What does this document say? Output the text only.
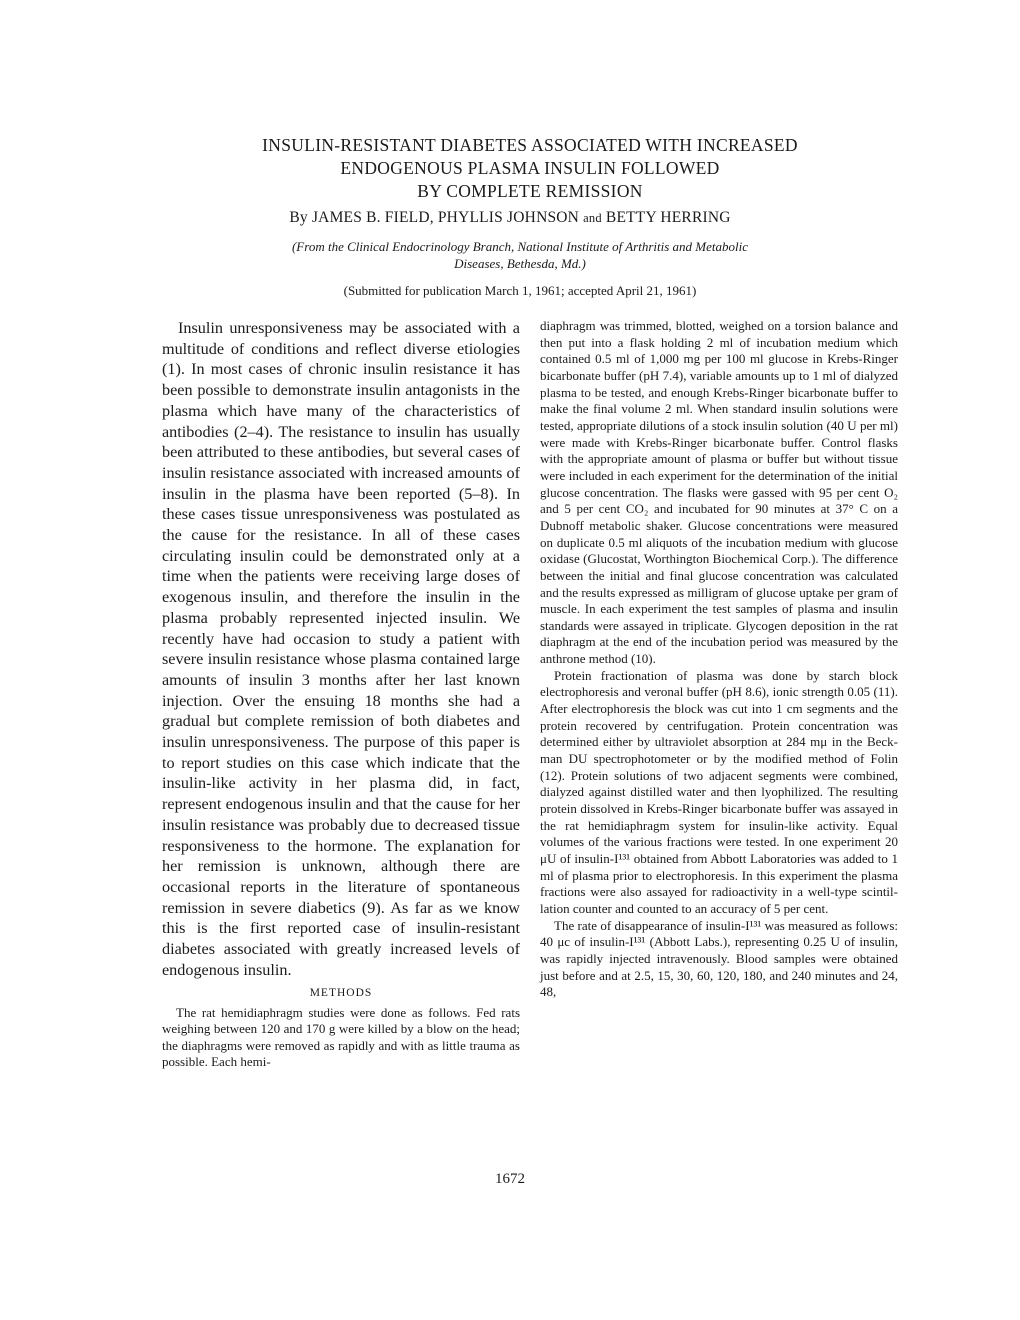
INSULIN-RESISTANT DIABETES ASSOCIATED WITH INCREASED
ENDOGENOUS PLASMA INSULIN FOLLOWED
BY COMPLETE REMISSION
By JAMES B. FIELD, PHYLLIS JOHNSON and BETTY HERRING
(From the Clinical Endocrinology Branch, National Institute of Arthritis and Metabolic
Diseases, Bethesda, Md.)
(Submitted for publication March 1, 1961; accepted April 21, 1961)

Insulin unresponsiveness may be associated with a multitude of conditions and reflect diverse etiologies (1). In most cases of chronic insulin resistance it has been possible to demonstrate insulin antagonists in the plasma which have many of the characteristics of antibodies (2–4). The resistance to insulin has usually been attributed to these antibodies, but several cases of insulin resistance associated with increased amounts of insulin in the plasma have been reported (5–8). In these cases tissue unresponsiveness was postulated as the cause for the resistance. In all of these cases circulating insulin could be demonstrated only at a time when the patients were receiving large doses of exogenous insulin, and therefore the insulin in the plasma probably represented injected insulin. We recently have had occasion to study a patient with severe insulin resistance whose plasma contained large amounts of insulin 3 months after her last known injection. Over the ensuing 18 months she had a gradual but complete remission of both diabetes and insulin unresponsiveness. The purpose of this paper is to report studies on this case which indicate that the insulin-like activity in her plasma did, in fact, represent endogenous insulin and that the cause for her insulin resistance was probably due to decreased tissue responsiveness to the hormone. The explanation for her remission is unknown, although there are occasional reports in the literature of spontaneous remission in severe diabetics (9). As far as we know this is the first reported case of insulin-resistant diabetes associated with greatly increased levels of endogenous insulin.

METHODS

The rat hemidiaphragm studies were done as follows. Fed rats weighing between 120 and 170 g were killed by a blow on the head; the diaphragms were removed as rapidly and with as little trauma as possible. Each hemi-

diaphragm was trimmed, blotted, weighed on a torsion balance and then put into a flask holding 2 ml of incubation medium which contained 0.5 ml of 1,000 mg per 100 ml glucose in Krebs-Ringer bicarbonate buffer (pH 7.4), variable amounts up to 1 ml of dialyzed plasma to be tested, and enough Krebs-Ringer bicarbonate buffer to make the final volume 2 ml. When standard insulin solutions were tested, appropriate dilutions of a stock insulin solution (40 U per ml) were made with Krebs-Ringer bicarbonate buffer. Control flasks with the appropriate amount of plasma or buffer but without tissue were included in each experiment for the determination of the initial glucose concentration. The flasks were gassed with 95 per cent O₂ and 5 per cent CO₂ and incubated for 90 minutes at 37° C on a Dubnoff metabolic shaker. Glucose concentrations were measured on duplicate 0.5 ml aliquots of the incubation medium with glucose oxidase (Glucostat, Worthington Biochemical Corp.). The difference between the initial and final glucose concentration was calculated and the results expressed as milligram of glucose uptake per gram of muscle. In each experiment the test samples of plasma and insulin standards were assayed in triplicate. Glycogen deposition in the rat diaphragm at the end of the incubation period was measured by the anthrone method (10).

Protein fractionation of plasma was done by starch block electrophoresis and veronal buffer (pH 8.6), ionic strength 0.05 (11). After electrophoresis the block was cut into 1 cm segments and the protein recovered by centrifugation. Protein concentration was determined either by ultraviolet absorption at 284 mμ in the Beckman DU spectrophotometer or by the modified method of Folin (12). Protein solutions of two adjacent segments were combined, dialyzed against distilled water and then lyophilized. The resulting protein dissolved in Krebs-Ringer bicarbonate buffer was assayed in the rat hemidiaphragm system for insulin-like activity. Equal volumes of the various fractions were tested. In one experiment 20 μU of insulin-I¹³¹ obtained from Abbott Laboratories was added to 1 ml of plasma prior to electrophoresis. In this experiment the plasma fractions were also assayed for radioactivity in a well-type scintillation counter and counted to an accuracy of 5 per cent.

The rate of disappearance of insulin-I¹³¹ was measured as follows: 40 μc of insulin-I¹³¹ (Abbott Labs.), representing 0.25 U of insulin, was rapidly injected intravenously. Blood samples were obtained just before and at 2.5, 15, 30, 60, 120, 180, and 240 minutes and 24, 48,

1672
